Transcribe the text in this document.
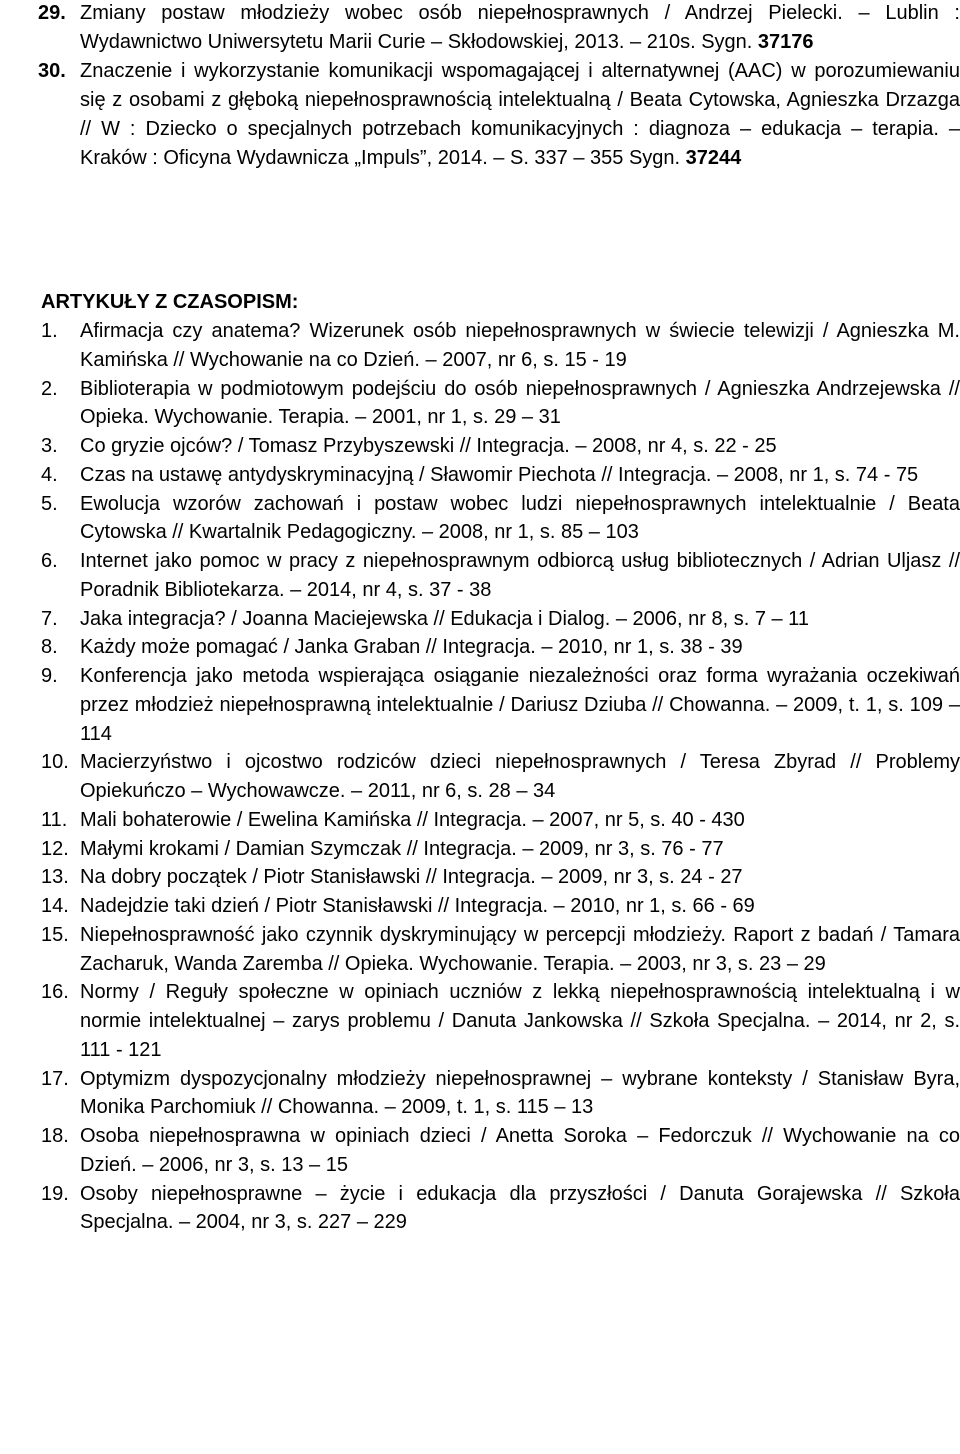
29. Zmiany postaw młodzieży wobec osób niepełnosprawnych / Andrzej Pielecki. – Lublin : Wydawnictwo Uniwersytetu Marii Curie – Skłodowskiej, 2013. – 210s. Sygn. 37176
30. Znaczenie i wykorzystanie komunikacji wspomagającej i alternatywnej (AAC) w porozumiewaniu się z osobami z głęboką niepełnosprawnością intelektualną / Beata Cytowska, Agnieszka Drzazga // W : Dziecko o specjalnych potrzebach komunikacyjnych : diagnoza – edukacja – terapia. – Kraków : Oficyna Wydawnicza „Impuls”, 2014. – S. 337 – 355 Sygn. 37244
ARTYKUŁY Z CZASOPISM:
1. Afirmacja czy anatema? Wizerunek osób niepełnosprawnych w świecie telewizji / Agnieszka M. Kamińska // Wychowanie na co Dzień. – 2007, nr 6, s. 15 - 19
2. Biblioterapia w podmiotowym podejściu do osób niepełnosprawnych / Agnieszka Andrzejewska // Opieka. Wychowanie. Terapia. – 2001, nr 1, s. 29 – 31
3. Co gryzie ojców? / Tomasz Przybyszewski // Integracja. – 2008, nr 4, s. 22 - 25
4. Czas na ustawę antydyskryminacyjną / Sławomir Piechota // Integracja. – 2008, nr 1, s. 74 - 75
5. Ewolucja wzorów zachowań i postaw wobec ludzi niepełnosprawnych intelektualnie / Beata Cytowska // Kwartalnik Pedagogiczny. – 2008, nr 1, s. 85 – 103
6. Internet jako pomoc w pracy z niepełnosprawnym odbiorcą usług bibliotecznych / Adrian Uljasz // Poradnik Bibliotekarza. – 2014, nr 4, s. 37 - 38
7. Jaka integracja? / Joanna Maciejewska // Edukacja i Dialog. – 2006, nr 8, s. 7 – 11
8. Każdy może pomagać / Janka Graban // Integracja. – 2010, nr 1, s. 38 - 39
9. Konferencja jako metoda wspierająca osiąganie niezależności oraz forma wyrażania oczekiwań przez młodzież niepełnosprawną intelektualnie / Dariusz Dziuba // Chowanna. – 2009, t. 1, s. 109 – 114
10. Macierzyństwo i ojcostwo rodziców dzieci niepełnosprawnych / Teresa Zbyrad // Problemy Opiekuńczo – Wychowawcze. – 2011, nr 6, s. 28 – 34
11. Mali bohaterowie / Ewelina Kamińska // Integracja. – 2007, nr 5, s. 40 - 430
12. Małymi krokami / Damian Szymczak // Integracja. – 2009, nr 3, s. 76 - 77
13. Na dobry początek / Piotr Stanisławski // Integracja. – 2009, nr 3, s. 24 - 27
14. Nadejdzie taki dzień / Piotr Stanisławski // Integracja. – 2010, nr 1, s. 66 - 69
15. Niepełnosprawność jako czynnik dyskryminujący w percepcji młodzieży. Raport z badań / Tamara Zacharuk, Wanda Zaremba // Opieka. Wychowanie. Terapia. – 2003, nr 3, s. 23 – 29
16. Normy / Reguły społeczne w opiniach uczniów z lekką niepełnosprawnością intelektualną i w normie intelektualnej – zarys problemu / Danuta Jankowska // Szkoła Specjalna. – 2014, nr 2, s. 111 - 121
17. Optymizm dyspozycjonalny młodzieży niepełnosprawnej – wybrane konteksty / Stanisław Byra, Monika Parchomiuk // Chowanna. – 2009, t. 1, s. 115 – 13
18. Osoba niepełnosprawna w opiniach dzieci / Anetta Soroka – Fedorczuk // Wychowanie na co Dzień. – 2006, nr 3, s. 13 – 15
19. Osoby niepełnosprawne – życie i edukacja dla przyszłości / Danuta Gorajewska // Szkoła Specjalna. – 2004, nr 3, s. 227 – 229
